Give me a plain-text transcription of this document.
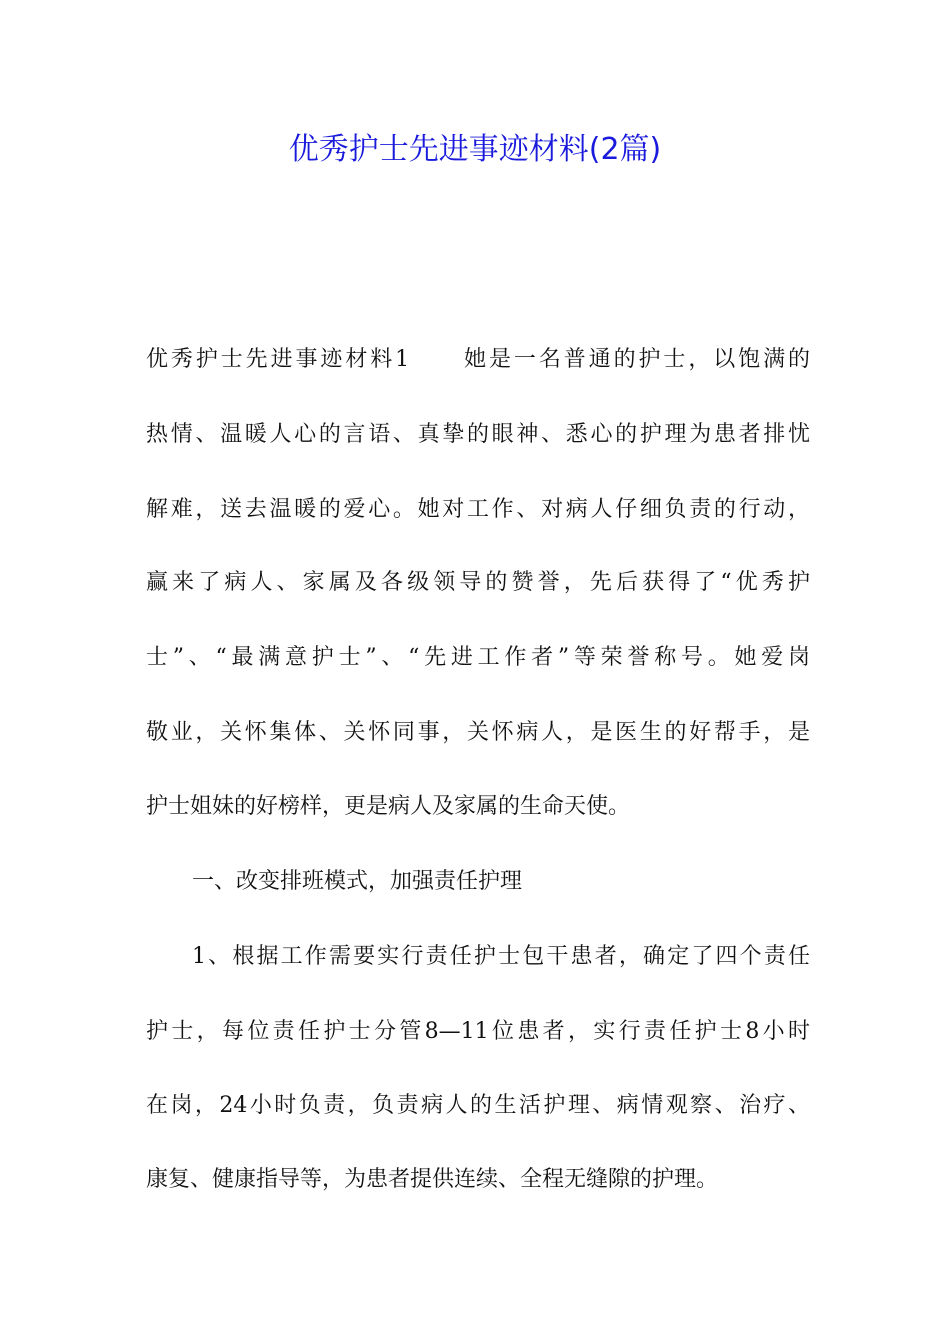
优秀护士先进事迹材料(2篇)

优秀护士先进事迹材料1 她是一名普通的护士，以饱满的

热情、温暖人心的言语、真挚的眼神、悉心的护理为患者排忧

解难，送去温暖的爱心。她对工作、对病人仔细负责的行动，

赢来了病人、家属及各级领导的赞誉，先后获得了“优秀护

士”、“最满意护士”、“先进工作者”等荣誉称号。她爱岗

敬业，关怀集体、关怀同事，关怀病人，是医生的好帮手，是

护士姐妹的好榜样，更是病人及家属的生命天使。

一、改变排班模式，加强责任护理

1、根据工作需要实行责任护士包干患者，确定了四个责任

护士，每位责任护士分管8—11位患者，实行责任护士8小时

在岗，24小时负责，负责病人的生活护理、病情观察、治疗、

康复、健康指导等，为患者提供连续、全程无缝隙的护理。
